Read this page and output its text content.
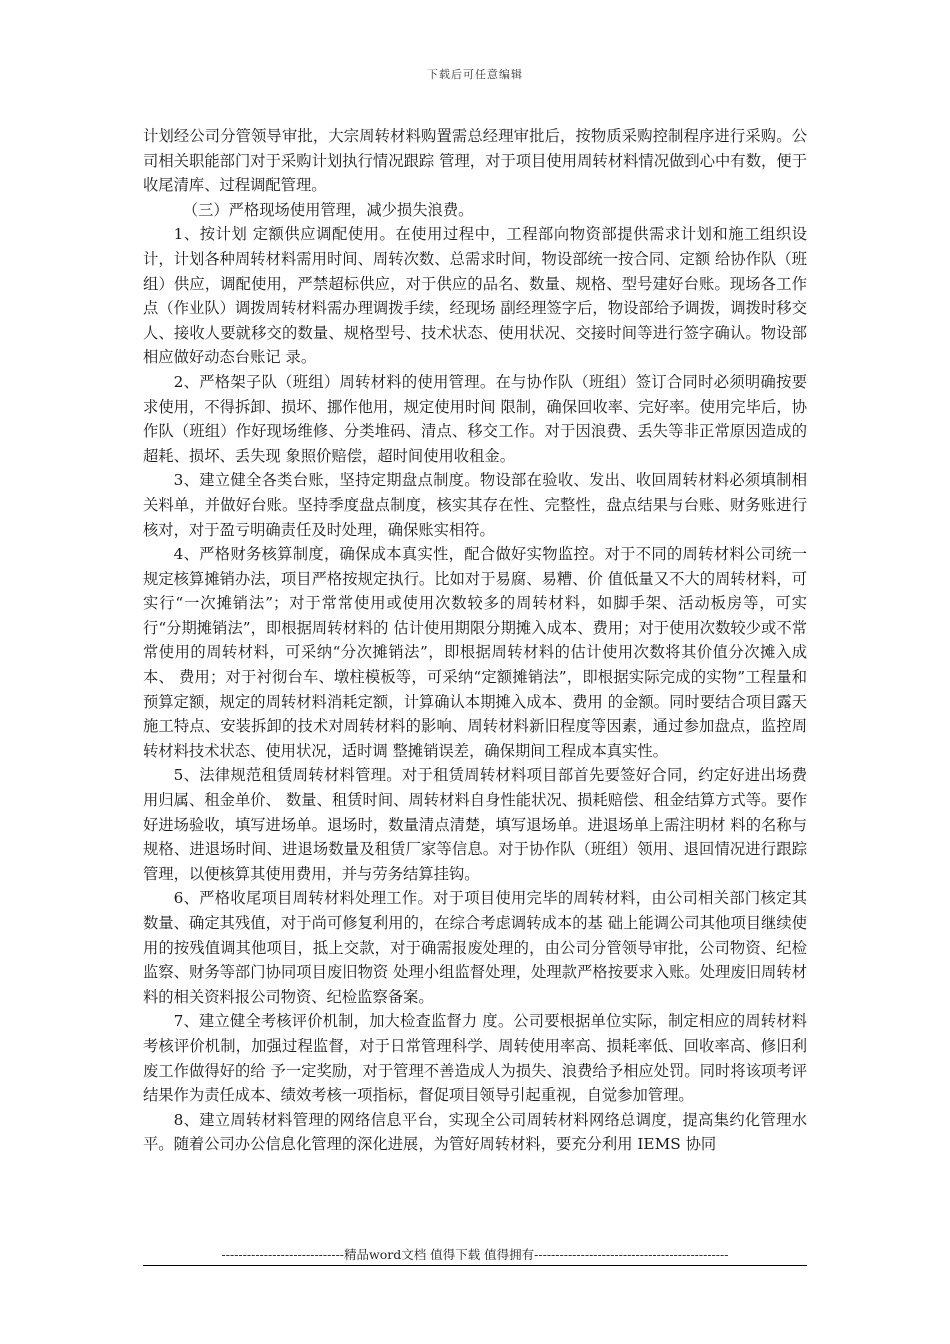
下载后可任意编辑

计划经公司分管领导审批，大宗周转材料购置需总经理审批后，按物质采购控制程序进行采购。公司相关职能部门对于采购计划执行情况跟踪 管理，对于项目使用周转材料情况做到心中有数，便于收尾清库、过程调配管理。

（三）严格现场使用管理，减少损失浪费。

1、按计划 定额供应调配使用。在使用过程中，工程部向物资部提供需求计划和施工组织设计，计划各种周转材料需用时间、周转次数、总需求时间，物设部统一按合同、定额 给协作队（班组）供应，调配使用，严禁超标供应，对于供应的品名、数量、规格、型号建好台账。现场各工作点（作业队）调拨周转材料需办理调拨手续，经现场 副经理签字后，物设部给予调拨，调拨时移交人、接收人要就移交的数量、规格型号、技术状态、使用状况、交接时间等进行签字确认。物设部相应做好动态台账记 录。

2、严格架子队（班组）周转材料的使用管理。在与协作队（班组）签订合同时必须明确按要求使用，不得拆卸、损坏、挪作他用，规定使用时间 限制，确保回收率、完好率。使用完毕后，协作队（班组）作好现场维修、分类堆码、清点、移交工作。对于因浪费、丢失等非正常原因造成的超耗、损坏、丢失现 象照价赔偿，超时间使用收租金。

3、建立健全各类台账，坚持定期盘点制度。物设部在验收、发出、收回周转材料必须填制相关料单，并做好台账。坚持季度盘点制度，核实其存在性、完整性，盘点结果与台账、财务账进行核对，对于盈亏明确责任及时处理，确保账实相符。

4、严格财务核算制度，确保成本真实性，配合做好实物监控。对于不同的周转材料公司统一规定核算摊销办法，项目严格按规定执行。比如对于易腐、易糟、价 值低量又不大的周转材料，可实行“一次摊销法”；对于常常使用或使用次数较多的周转材料，如脚手架、活动板房等，可实行“分期摊销法”，即根据周转材料的 估计使用期限分期摊入成本、费用；对于使用次数较少或不常常使用的周转材料，可采纳“分次摊销法”，即根据周转材料的估计使用次数将其价值分次摊入成本、 费用；对于衬彻台车、墩柱模板等，可采纳“定额摊销法”，即根据实际完成的实物”工程量和预算定额，规定的周转材料消耗定额，计算确认本期摊入成本、费用 的金额。同时要结合项目露天施工特点、安装拆卸的技术对周转材料的影响、周转材料新旧程度等因素，通过参加盘点，监控周转材料技术状态、使用状况，适时调 整摊销误差，确保期间工程成本真实性。

5、法律规范租赁周转材料管理。对于租赁周转材料项目部首先要签好合同，约定好进出场费用归属、租金单价、 数量、租赁时间、周转材料自身性能状况、损耗赔偿、租金结算方式等。要作好进场验收，填写进场单。退场时，数量清点清楚，填写退场单。进退场单上需注明材 料的名称与规格、进退场时间、进退场数量及租赁厂家等信息。对于协作队（班组）领用、退回情况进行跟踪管理，以便核算其使用费用，并与劳务结算挂钩。

6、严格收尾项目周转材料处理工作。对于项目使用完毕的周转材料，由公司相关部门核定其数量、确定其残值，对于尚可修复利用的，在综合考虑调转成本的基 础上能调公司其他项目继续使用的按残值调其他项目，抵上交款，对于确需报废处理的，由公司分管领导审批，公司物资、纪检监察、财务等部门协同项目废旧物资 处理小组监督处理，处理款严格按要求入账。处理废旧周转材料的相关资料报公司物资、纪检监察备案。

7、建立健全考核评价机制，加大检查监督力 度。公司要根据单位实际，制定相应的周转材料考核评价机制，加强过程监督，对于日常管理科学、周转使用率高、损耗率低、回收率高、修旧利废工作做得好的给 予一定奖励，对于管理不善造成人为损失、浪费给予相应处罚。同时将该项考评结果作为责任成本、绩效考核一项指标，督促项目领导引起重视，自觉参加管理。

8、建立周转材料管理的网络信息平台，实现全公司周转材料网络总调度，提高集约化管理水平。随着公司办公信息化管理的深化进展，为管好周转材料，要充分利用 IEMS 协同

-----------------------------精品word文档 值得下载 值得拥有----------------------------------------------
